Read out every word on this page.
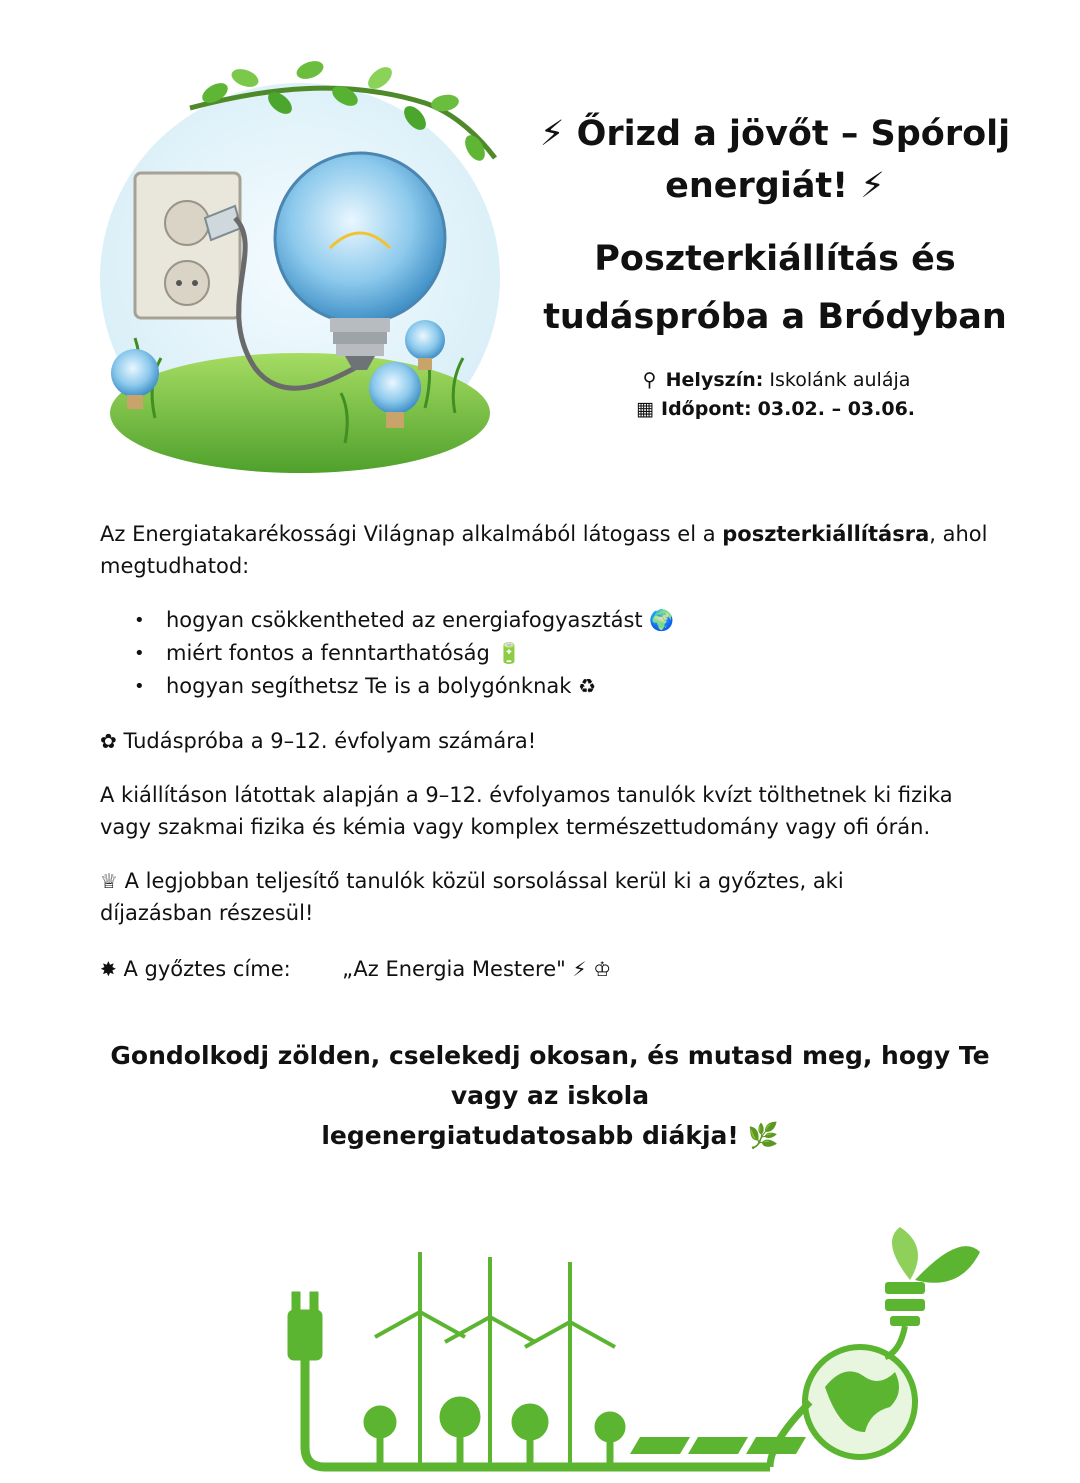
⚡ Őrizd a jövőt – Spórolj
energiát! ⚡

Poszterkiállítás és
tudáspróba a Bródyban

⚲ Helyszín: Iskolánk aulája
▦ Időpont: 03.02. – 03.06.

Az Energiatakarékossági Világnap alkalmából látogass el a poszterkiállításra, ahol
megtudhatod:

• hogyan csökkentheted az energiafogyasztást 🌍
• miért fontos a fenntarthatóság 🔋
• hogyan segíthetsz Te is a bolygónknak ♻

✿ Tudáspróba a 9–12. évfolyam számára!

A kiállításon látottak alapján a 9–12. évfolyamos tanulók kvízt tölthetnek ki fizika
vagy szakmai fizika és kémia vagy komplex természettudomány vagy ofi órán.

♕ A legjobban teljesítő tanulók közül sorsolással kerül ki a győztes, aki
díjazásban részesül!

✸ A győztes címe: „Az Energia Mestere" ⚡ ♔

Gondolkodj zölden, cselekedj okosan, és mutasd meg, hogy Te
vagy az iskola
legenergiatudatosabb diákja! 🌿
